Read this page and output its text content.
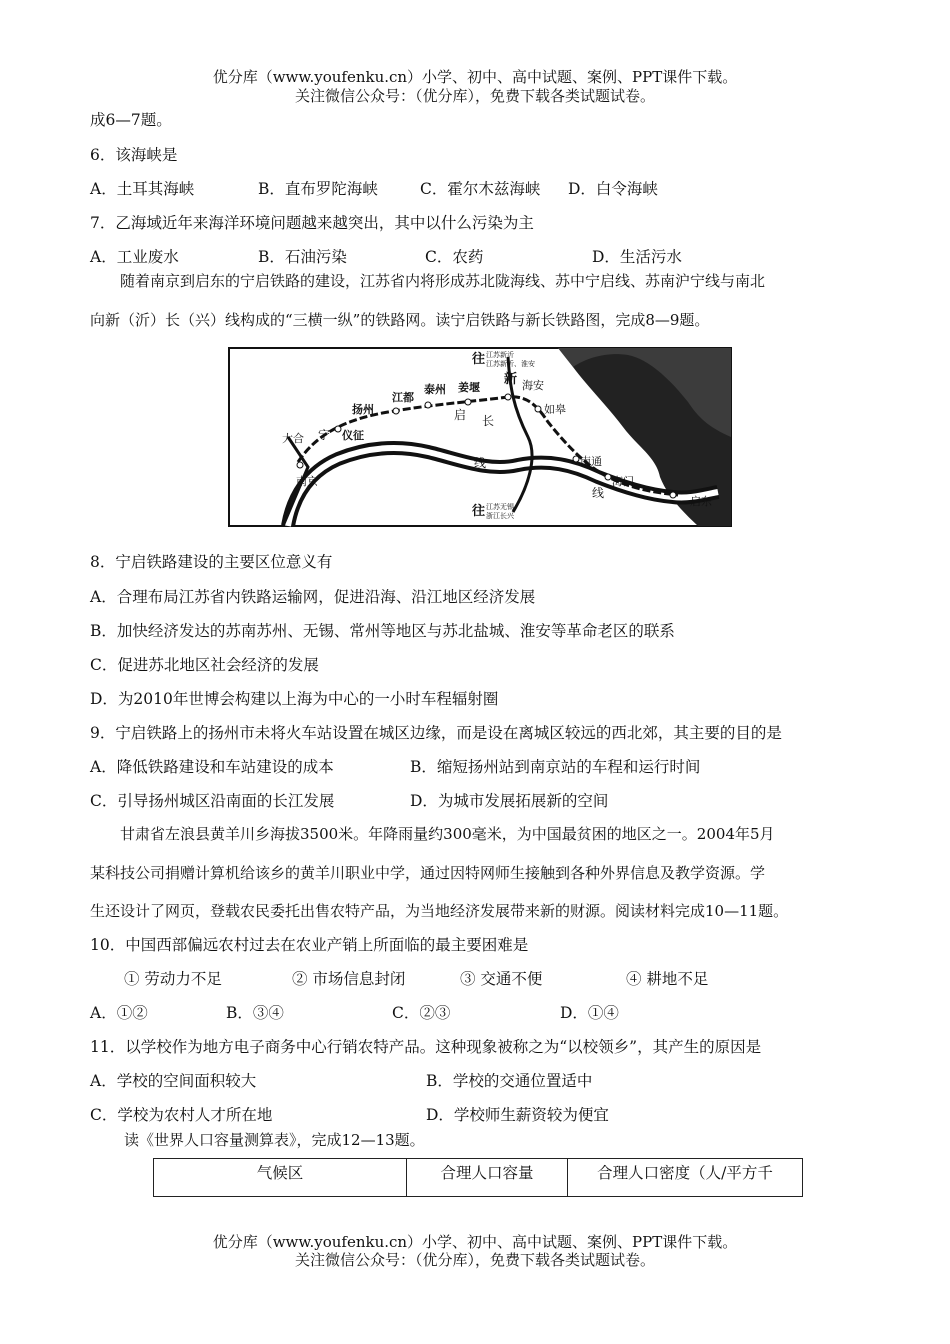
优分库（www.youfenku.cn）小学、初中、高中试题、案例、PPT课件下载。
关注微信公众号：（优分库），免费下载各类试题试卷。
成6—7题。
6．该海峡是
A．土耳其海峡	B．直布罗陀海峡	C．霍尔木兹海峡 D．白令海峡
7．乙海域近年来海洋环境问题越来越突出，其中以什么污染为主
A．工业废水	B．石油污染	C．农药	D．生活污水
随着南京到启东的宁启铁路的建设，江苏省内将形成苏北陇海线、苏中宁启线、苏南沪宁线与南北
向新（沂）长（兴）线构成的“三横一纵”的铁路网。读宁启铁路与新长铁路图，完成8—9题。
往 江苏新沂
江苏新沂、淮安
新 海安
扬州
江都
泰州 姜堰
如皋
启 长
大合 宁 仪征
南京
线	南通
海门
线
启东
往 江苏无锡
浙江长兴
8．宁启铁路建设的主要区位意义有
A．合理布局江苏省内铁路运输网，促进沿海、沿江地区经济发展
B．加快经济发达的苏南苏州、无锡、常州等地区与苏北盐城、淮安等革命老区的联系
C．促进苏北地区社会经济的发展
D．为2010年世博会构建以上海为中心的一小时车程辐射圈
9．宁启铁路上的扬州市未将火车站设置在城区边缘，而是设在离城区较远的西北郊，其主要的目的是
A．降低铁路建设和车站建设的成本	B．缩短扬州站到南京站的车程和运行时间
C．引导扬州城区沿南面的长江发展	D．为城市发展拓展新的空间
甘肃省左浪县黄羊川乡海拔3500米。年降雨量约300毫米，为中国最贫困的地区之一。2004年5月
某科技公司捐赠计算机给该乡的黄羊川职业中学，通过因特网师生接触到各种外界信息及教学资源。学
生还设计了网页，登载农民委托出售农特产品，为当地经济发展带来新的财源。阅读材料完成10—11题。
10．中国西部偏远农村过去在农业产销上所面临的最主要困难是
① 劳动力不足	② 市场信息封闭	③ 交通不便	④ 耕地不足
A．①②	B．③④	C．②③	D．①④
11．以学校作为地方电子商务中心行销农特产品。这种现象被称之为“以校领乡”，其产生的原因是
A．学校的空间面积较大	B．学校的交通位置适中
C．学校为农村人才所在地	D．学校师生薪资较为便宜
读《世界人口容量测算表》，完成12—13题。
气候区	合理人口容量	合理人口密度（人/平方千
优分库（www.youfenku.cn）小学、初中、高中试题、案例、PPT课件下载。
关注微信公众号：（优分库），免费下载各类试题试卷。
